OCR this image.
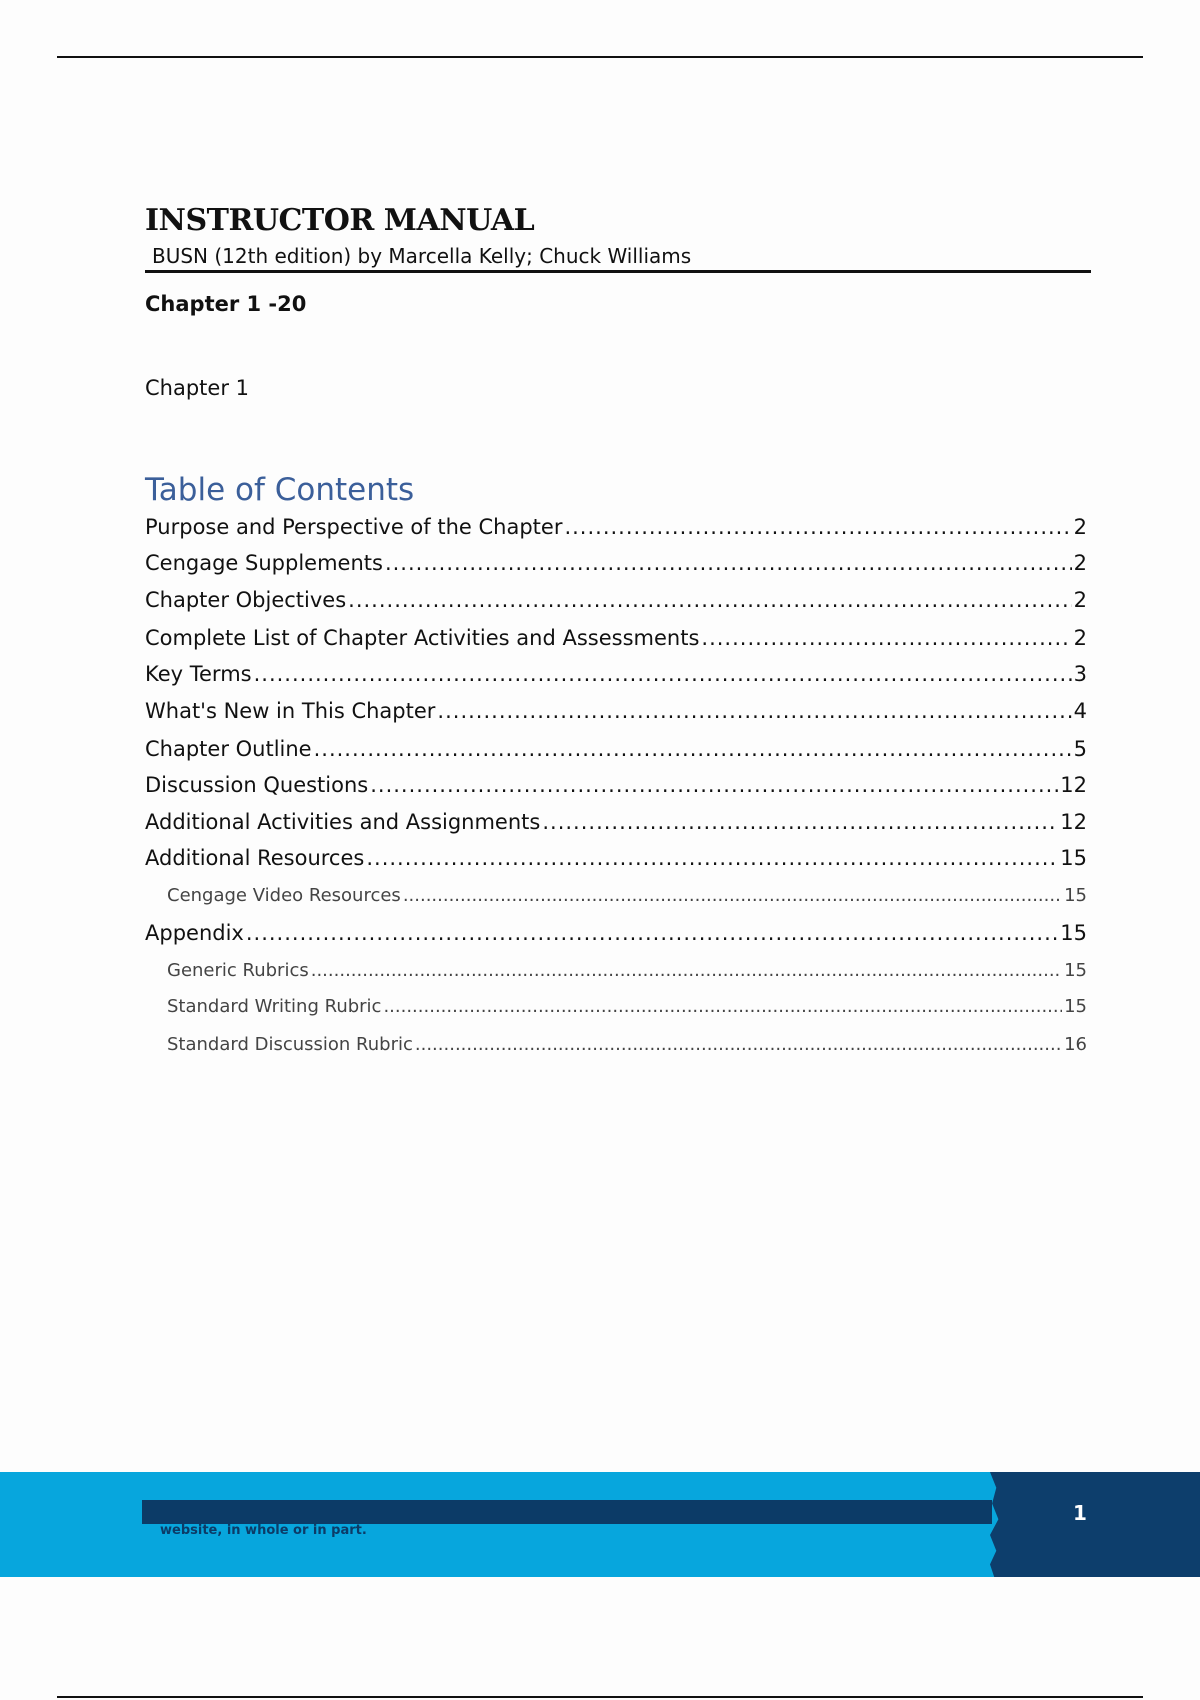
INSTRUCTOR MANUAL
BUSN (12th edition) by Marcella Kelly; Chuck Williams
Chapter 1 -20
Chapter 1
Table of Contents
Purpose and Perspective of the Chapter .....	2
Cengage Supplements .....	2
Chapter Objectives .....	2
Complete List of Chapter Activities and Assessments .....	2
Key Terms .....	3
What's New in This Chapter .....	4
Chapter Outline .....	5
Discussion Questions .....	12
Additional Activities and Assignments .....	12
Additional Resources .....	15
Cengage Video Resources .....	15
Appendix .....	15
Generic Rubrics .....	15
Standard Writing Rubric .....	15
Standard Discussion Rubric .....	16
website, in whole or in part.
1
